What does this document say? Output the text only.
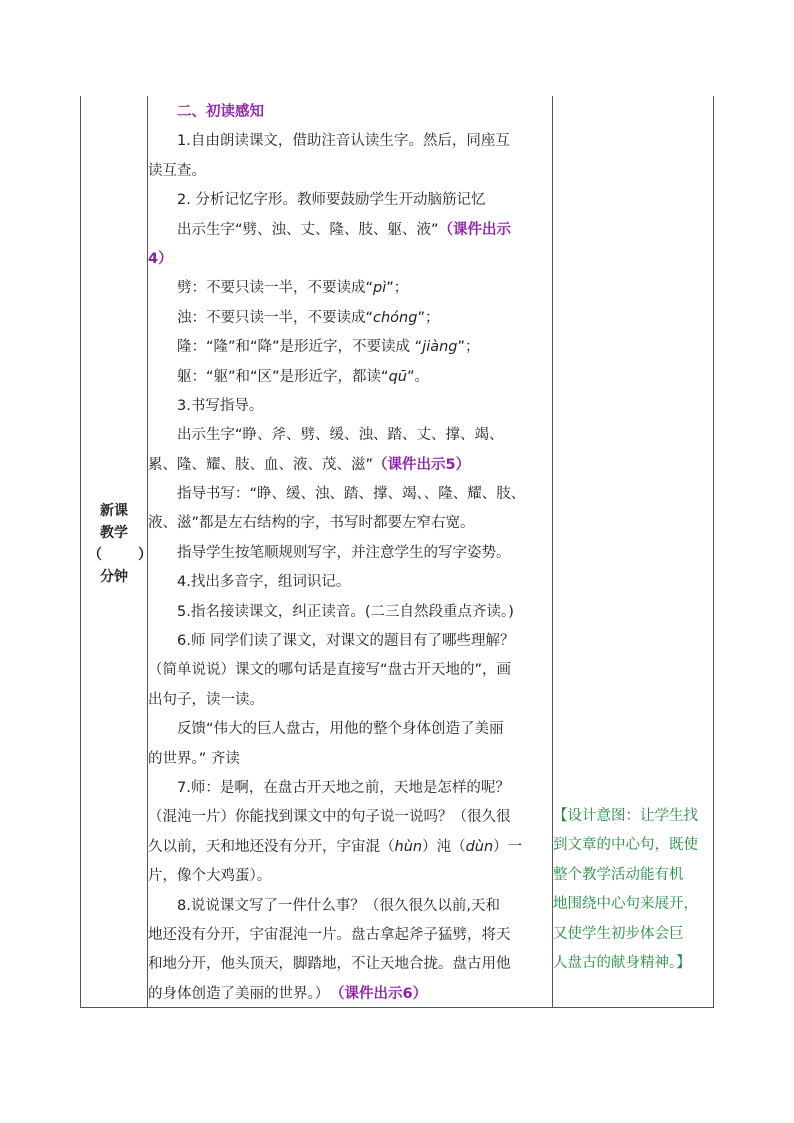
新课
教学
（	）
分钟
二、初读感知
1.自由朗读课文，借助注音认读生字。然后，同座互
读互查。
2. 分析记忆字形。教师要鼓励学生开动脑筋记忆
出示生字“劈、浊、丈、隆、肢、躯、液”（课件出示
4）
劈：不要只读一半，不要读成“pì”；
浊：不要只读一半，不要读成“chóng”；
隆：“隆”和“降”是形近字，不要读成 “jiàng”；
躯：“躯”和“区”是形近字，都读“qū”。
3.书写指导。
出示生字“睁、斧、劈、缓、浊、踏、丈、撑、竭、
累、隆、耀、肢、血、液、茂、滋”（课件出示5）
指导书写：“睁、缓、浊、踏、撑、竭、、隆、耀、肢、
液、滋”都是左右结构的字，书写时都要左窄右宽。
指导学生按笔顺规则写字，并注意学生的写字姿势。
4.找出多音字，组词识记。
5.指名接读课文，纠正读音。(二三自然段重点齐读。)
6.师 同学们读了课文，对课文的题目有了哪些理解？
（简单说说）课文的哪句话是直接写“盘古开天地的”，画
出句子，读一读。
反馈“伟大的巨人盘古，用他的整个身体创造了美丽
的世界。” 齐读
7.师：是啊，在盘古开天地之前，天地是怎样的呢？
（混沌一片）你能找到课文中的句子说一说吗？（很久很
久以前，天和地还没有分开，宇宙混（hùn）沌（dùn）一
片，像个大鸡蛋）。
8.说说课文写了一件什么事？（很久很久以前,天和
地还没有分开，宇宙混沌一片。盘古拿起斧子猛劈，将天
和地分开，他头顶天，脚踏地，不让天地合拢。盘古用他
的身体创造了美丽的世界。） （课件出示6）
【设计意图：让学生找
到文章的中心句，既使
整个教学活动能有机
地围绕中心句来展开，
又使学生初步体会巨
人盘古的献身精神。】
